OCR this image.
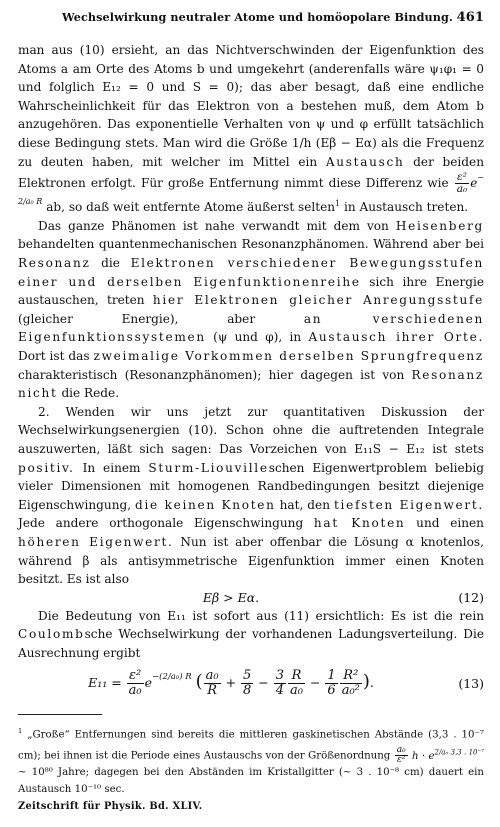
Wechselwirkung neutraler Atome und homöopolare Bindung. 461

man aus (10) ersieht, an das Nichtverschwinden der Eigenfunktion des Atoms a am Orte des Atoms b und umgekehrt (anderenfalls wäre ψ₁φ₁ = 0 und folglich E₁₂ = 0 und S = 0); das aber besagt, daß eine endliche Wahrscheinlichkeit für das Elektron von a bestehen muß, dem Atom b anzugehören. Das exponentielle Verhalten von ψ und φ erfüllt tatsächlich diese Bedingung stets. Man wird die Größe 1/h (Eβ − Eα) als die Frequenz zu deuten haben, mit welcher im Mittel ein Austausch der beiden Elektronen erfolgt. Für große Entfernung nimmt diese Differenz wie $\frac{\text{ε²}}{\text{a₀}} e^{- 2/a_0 R}$ ab, so daß weit entfernte Atome äußerst selten$^1$ in Austausch treten.

Das ganze Phänomen ist nahe verwandt mit dem von Heisenberg behandelten quantenmechanischen Resonanzphänomen. Während aber bei Resonanz die Elektronen verschiedener Bewegungsstufen einer und derselben Eigenfunktionenreihe sich ihre Energie austauschen, treten hier Elektronen gleicher Anregungsstufe (gleicher Energie), aber	an verschiedenen Eigenfunktionssystemen (ψ und φ), in Austausch ihrer Orte. Dort ist das zweimalige Vorkommen derselben Sprungfrequenz charakteristisch (Resonanzphänomen); hier dagegen ist von Resonanz nicht die Rede.

2. Wenden wir uns jetzt zur quantitativen Diskussion der Wechselwirkungsenergien (10). Schon ohne die auftretenden Integrale auszuwerten, läßt sich sagen: Das Vorzeichen von E₁₁S − E₁₂ ist stets positiv. In einem Sturm-Liouvilleschen Eigenwertproblem beliebig vieler Dimensionen mit homogenen Randbedingungen besitzt diejenige Eigenschwingung, die keinen Knoten hat, den tiefsten Eigenwert. Jede andere orthogonale Eigenschwingung hat Knoten und einen höheren Eigenwert. Nun ist aber offenbar die Lösung α knotenlos, während β als antisymmetrische Eigenfunktion immer einen Knoten besitzt. Es ist also

Eβ > Eα.	(12)

Die Bedeutung von E₁₁ ist sofort aus (11) ersichtlich: Es ist die rein Coulombsche Wechselwirkung der vorhandenen Ladungsverteilung. Die Ausrechnung ergibt

$E_{11} = \frac{\text{ε²}}{\text{a₀}} e^{-(2/a_0) R}$ ( $\frac{\text{a₀}}{R} + \frac{5}{8} - \frac{3}{4} \frac{R}{\text{a₀}} - \frac{1}{6} \frac{\text{R²}}{\text{a₀²}}$ ).	(13)

$^1$ „Große“ Entfernungen sind bereits die mittleren gaskinetischen Abstände (3,3 . 10⁻⁷ cm); bei ihnen ist die Periode eines Austauschs von der Größenordnung $\frac{\text{a₀}}{\text{ε²}}$ $h \cdot e^{2/a_0 3,3 . 10^{-7}}$ ~ 10⁸⁰ Jahre; dagegen bei den Abständen im Kristallgitter (~ 3 . 10⁻⁸ cm) dauert ein Austausch 10⁻¹⁰ sec.

Zeitschrift für Physik. Bd. XLIV.
